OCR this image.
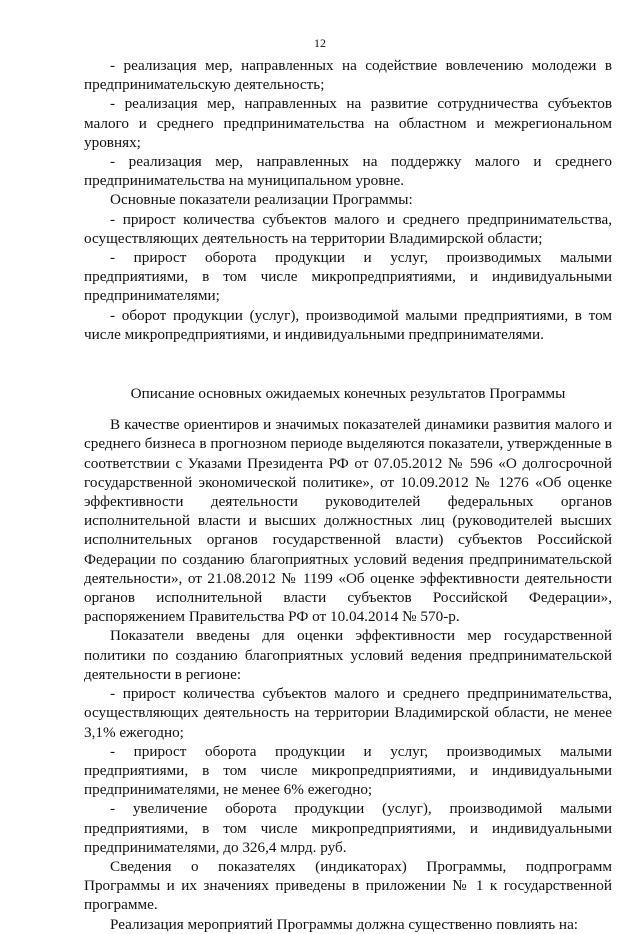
12

- реализация мер, направленных на содействие вовлечению молодежи в предпринимательскую деятельность;

- реализация мер, направленных на развитие сотрудничества субъектов малого и среднего предпринимательства на областном и межрегиональном уровнях;

- реализация мер, направленных на поддержку малого и среднего предпринимательства на муниципальном уровне.

Основные показатели реализации Программы:

- прирост количества субъектов малого и среднего предпринимательства, осуществляющих деятельность на территории Владимирской области;

- прирост оборота продукции и услуг, производимых малыми предприятиями, в том числе микропредприятиями, и индивидуальными предпринимателями;

- оборот продукции (услуг), производимой малыми предприятиями, в том числе микропредприятиями, и индивидуальными предпринимателями.

Описание основных ожидаемых конечных результатов Программы

В качестве ориентиров и значимых показателей динамики развития малого и среднего бизнеса в прогнозном периоде выделяются показатели, утвержденные в соответствии с Указами Президента РФ от 07.05.2012 № 596 «О долгосрочной государственной экономической политике», от 10.09.2012 № 1276 «Об оценке эффективности деятельности руководителей федеральных органов исполнительной власти и высших должностных лиц (руководителей высших исполнительных органов государственной власти) субъектов Российской Федерации по созданию благоприятных условий ведения предпринимательской деятельности», от 21.08.2012 № 1199 «Об оценке эффективности деятельности органов исполнительной власти субъектов Российской Федерации», распоряжением Правительства РФ от 10.04.2014 № 570-р.

Показатели введены для оценки эффективности мер государственной политики по созданию благоприятных условий ведения предпринимательской деятельности в регионе:

- прирост количества субъектов малого и среднего предпринимательства, осуществляющих деятельность на территории Владимирской области, не менее 3,1% ежегодно;

- прирост оборота продукции и услуг, производимых малыми предприятиями, в том числе микропредприятиями, и индивидуальными предпринимателями, не менее 6% ежегодно;

- увеличение оборота продукции (услуг), производимой малыми предприятиями, в том числе микропредприятиями, и индивидуальными предпринимателями, до 326,4 млрд. руб.

Сведения о показателях (индикаторах) Программы, подпрограмм Программы и их значениях приведены в приложении № 1 к государственной программе.

Реализация мероприятий Программы должна существенно повлиять на:
